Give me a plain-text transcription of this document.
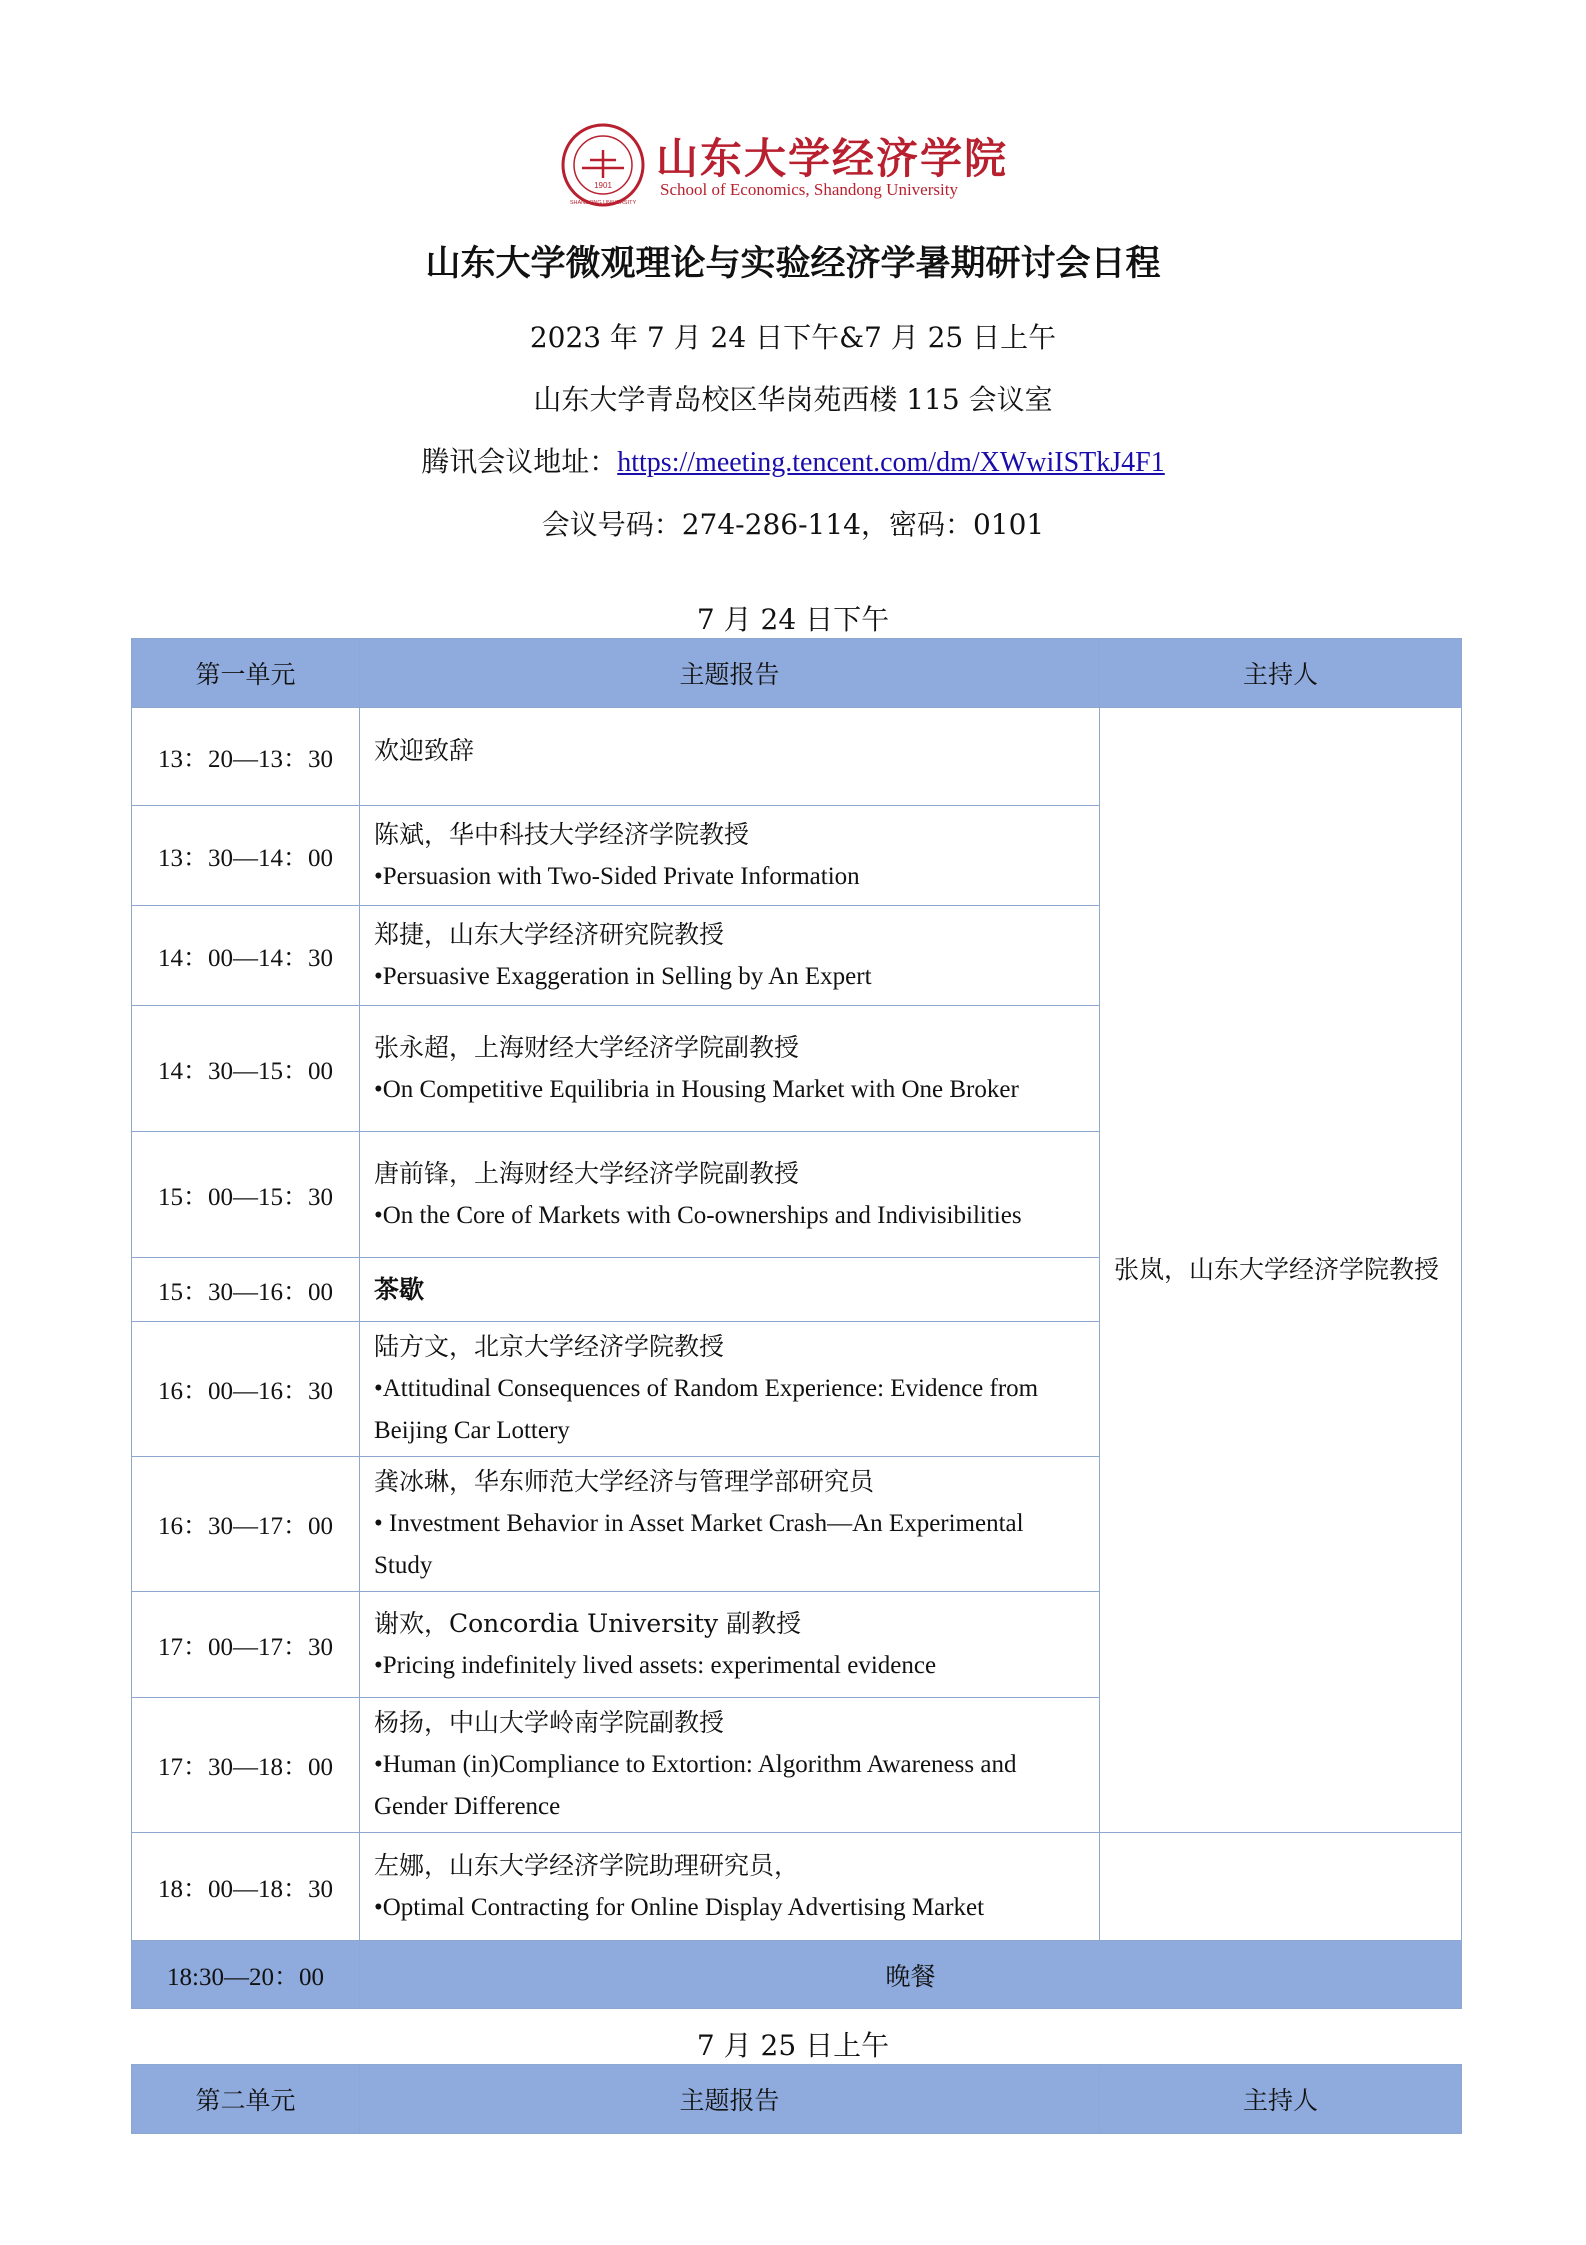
1901
SHANDONG UNIVERSITY
山东大学经济学院
School of Economics, Shandong University
山东大学微观理论与实验经济学暑期研讨会日程
2023 年 7 月 24 日下午&7 月 25 日上午
山东大学青岛校区华岗苑西楼 115 会议室
腾讯会议地址：https://meeting.tencent.com/dm/XWwiISTkJ4F1
会议号码：274-286-114，密码：0101
7 月 24 日下午
第一单元	主题报告	主持人
13：20—13：30	欢迎致辞	张岚，山东大学经济学院教授
13：30—14：00	陈斌，华中科技大学经济学院教授
•Persuasion with Two-Sided Private Information	

14：00—14：30	郑捷，山东大学经济研究院教授
•Persuasive Exaggeration in Selling by An Expert	

14：30—15：00	张永超，上海财经大学经济学院副教授
•On Competitive Equilibria in Housing Market with One Broker	

15：00—15：30	唐前锋，上海财经大学经济学院副教授
•On the Core of Markets with Co-ownerships and Indivisibilities	

15：30—16：00	茶歇	
16：00—16：30	陆方文，北京大学经济学院教授
•Attitudinal Consequences of Random Experience: Evidence from Beijing Car Lottery	

16：30—17：00	龚冰琳，华东师范大学经济与管理学部研究员
• Investment Behavior in Asset Market Crash—An Experimental Study	

17：00—17：30	谢欢，Concordia University 副教授
•Pricing indefinitely lived assets: experimental evidence	

17：30—18：00	杨扬，中山大学岭南学院副教授
•Human (in)Compliance to Extortion: Algorithm Awareness and Gender Difference	

18：00—18：30	左娜，山东大学经济学院助理研究员，
•Optimal Contracting for Online Display Advertising Market	

18:30—20：00	晚餐	
7 月 25 日上午
第二单元	主题报告	主持人
